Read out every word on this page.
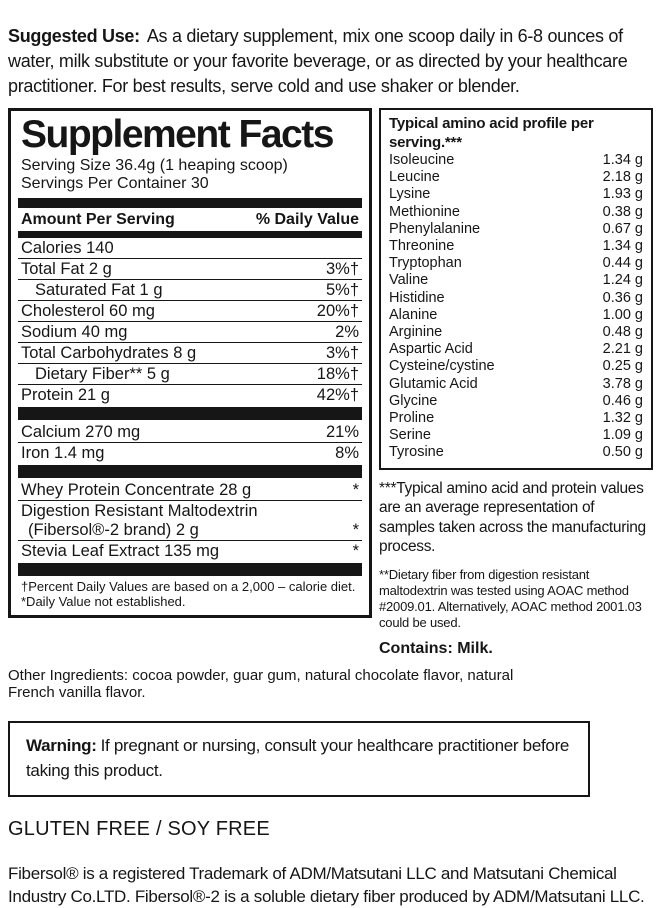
Suggested Use: As a dietary supplement, mix one scoop daily in 6-8 ounces of water, milk substitute or your favorite beverage, or as directed by your healthcare practitioner. For best results, serve cold and use shaker or blender.

Supplement Facts
Serving Size 36.4g (1 heaping scoop)
Servings Per Container 30
Amount Per Serving	% Daily Value
Calories 140
Total Fat 2 g	3%†
Saturated Fat 1 g	5%†
Cholesterol 60 mg	20%†
Sodium 40 mg	2%
Total Carbohydrates 8 g	3%†
Dietary Fiber** 5 g	18%†
Protein 21 g	42%†
Calcium 270 mg	21%
Iron 1.4 mg	8%
Whey Protein Concentrate 28 g	*
Digestion Resistant Maltodextrin
(Fibersol®-2 brand) 2 g	*
Stevia Leaf Extract 135 mg	*
†Percent Daily Values are based on a 2,000 – calorie diet.
*Daily Value not established.
Typical amino acid profile per serving.***
Isoleucine	1.34 g
Leucine	2.18 g
Lysine	1.93 g
Methionine	0.38 g
Phenylalanine	0.67 g
Threonine	1.34 g
Tryptophan	0.44 g
Valine	1.24 g
Histidine	0.36 g
Alanine	1.00 g
Arginine	0.48 g
Aspartic Acid	2.21 g
Cysteine/cystine	0.25 g
Glutamic Acid	3.78 g
Glycine	0.46 g
Proline	1.32 g
Serine	1.09 g
Tyrosine	0.50 g
***Typical amino acid and protein values are an average representation of samples taken across the manufacturing process.
**Dietary fiber from digestion resistant maltodextrin was tested using AOAC method #2009.01. Alternatively, AOAC method 2001.03 could be used.
Contains: Milk.

Other Ingredients: cocoa powder, guar gum, natural chocolate flavor, natural French vanilla flavor.

Warning: If pregnant or nursing, consult your healthcare practitioner before taking this product.
GLUTEN FREE / SOY FREE

Fibersol® is a registered Trademark of ADM/Matsutani LLC and Matsutani Chemical Industry Co.LTD. Fibersol®-2 is a soluble dietary fiber produced by ADM/Matsutani LLC.
